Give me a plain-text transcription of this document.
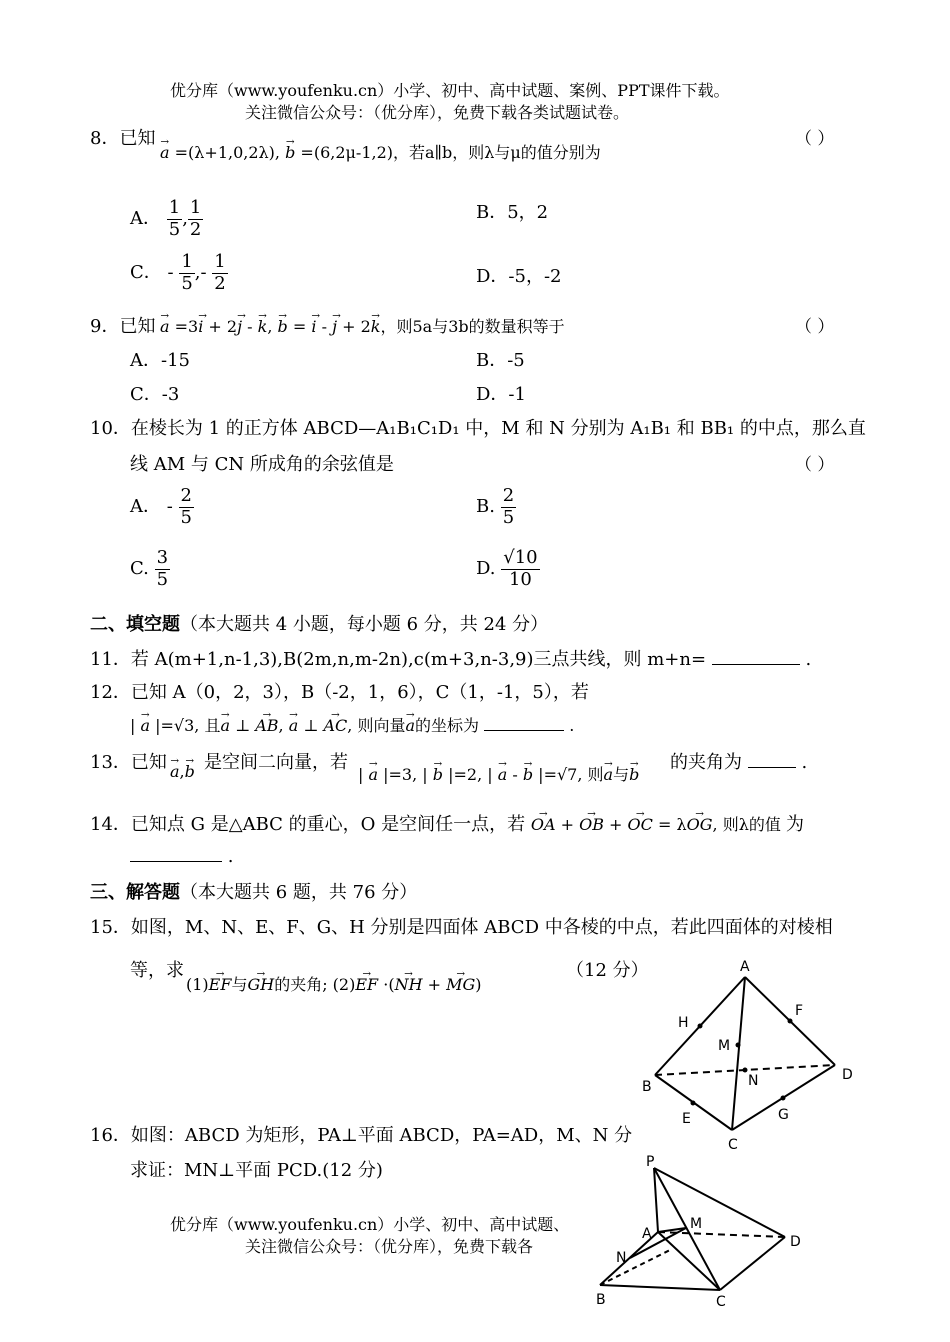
优分库（www.youfenku.cn）小学、初中、高中试题、案例、PPT课件下载。
关注微信公众号：（优分库），免费下载各类试题试卷。
8．已知
→ a =(λ+1,0,2λ), → b =(6,2μ-1,2)，若a∥b，则λ与μ的值分别为
（ ）
A． $\frac{1}{5}$ , $\frac{1}{2}$	B．5，2
C． - $\frac{1}{5}$ ,- $\frac{1}{2}$	D．-5，-2
9．已知 → a =3→ i + 2→ j - → k, → b = → i - → j + 2→ k，则5a与3b的数量积等于	（ ）
A．-15	B．-5
C．-3	D．-1
10．在棱长为 1 的正方体 ABCD—A₁B₁C₁D₁ 中，M 和 N 分别为 A₁B₁ 和 BB₁ 的中点，那么直
线 AM 与 CN 所成角的余弦值是	（ ）
A． - $\frac{2}{5}$	B. $\frac{2}{5}$
C. $\frac{3}{5}$	D. $\frac{√10}{10}$
二、填空题（本大题共 4 小题，每小题 6 分，共 24 分）
11．若 A(m+1,n-1,3),B(2m,n,m-2n),c(m+3,n-3,9)三点共线，则 m+n=	.
12．已知 A（0，2，3），B（-2，1，6），C（1，-1，5），若
| → a |=√3, 且→ a ⊥ → AB, → a ⊥ → AC, 则向量→ a的坐标为	.
13．已知 → a,→ b 是空间二向量，若
| → a |=3, | → b |=2, | → a - → b |=√7, 则→ a与→ b
的夹角为	.
14．已知点 G 是△ABC 的重心，O 是空间任一点，若 → OA + → OB + → OC = λ→ OG, 则λ的值 为
.
三、解答题（本大题共 6 题，共 76 分）
15．如图，M、N、E、F、G、H 分别是四面体 ABCD 中各棱的中点，若此四面体的对棱相
等，求
(1)→ EF与→ GH的夹角; (2)→ EF ·(→ NH + → MG)
（12 分）	A
H
F
M
N
B
D
E	G
C
16．如图：ABCD 为矩形，PA⊥平面 ABCD，PA=AD，M、N 分
求证：MN⊥平面 PCD.(12 分)	P
A
M
N
D
B	C
优分库（www.youfenku.cn）小学、初中、高中试题、
关注微信公众号：（优分库），免费下载各
